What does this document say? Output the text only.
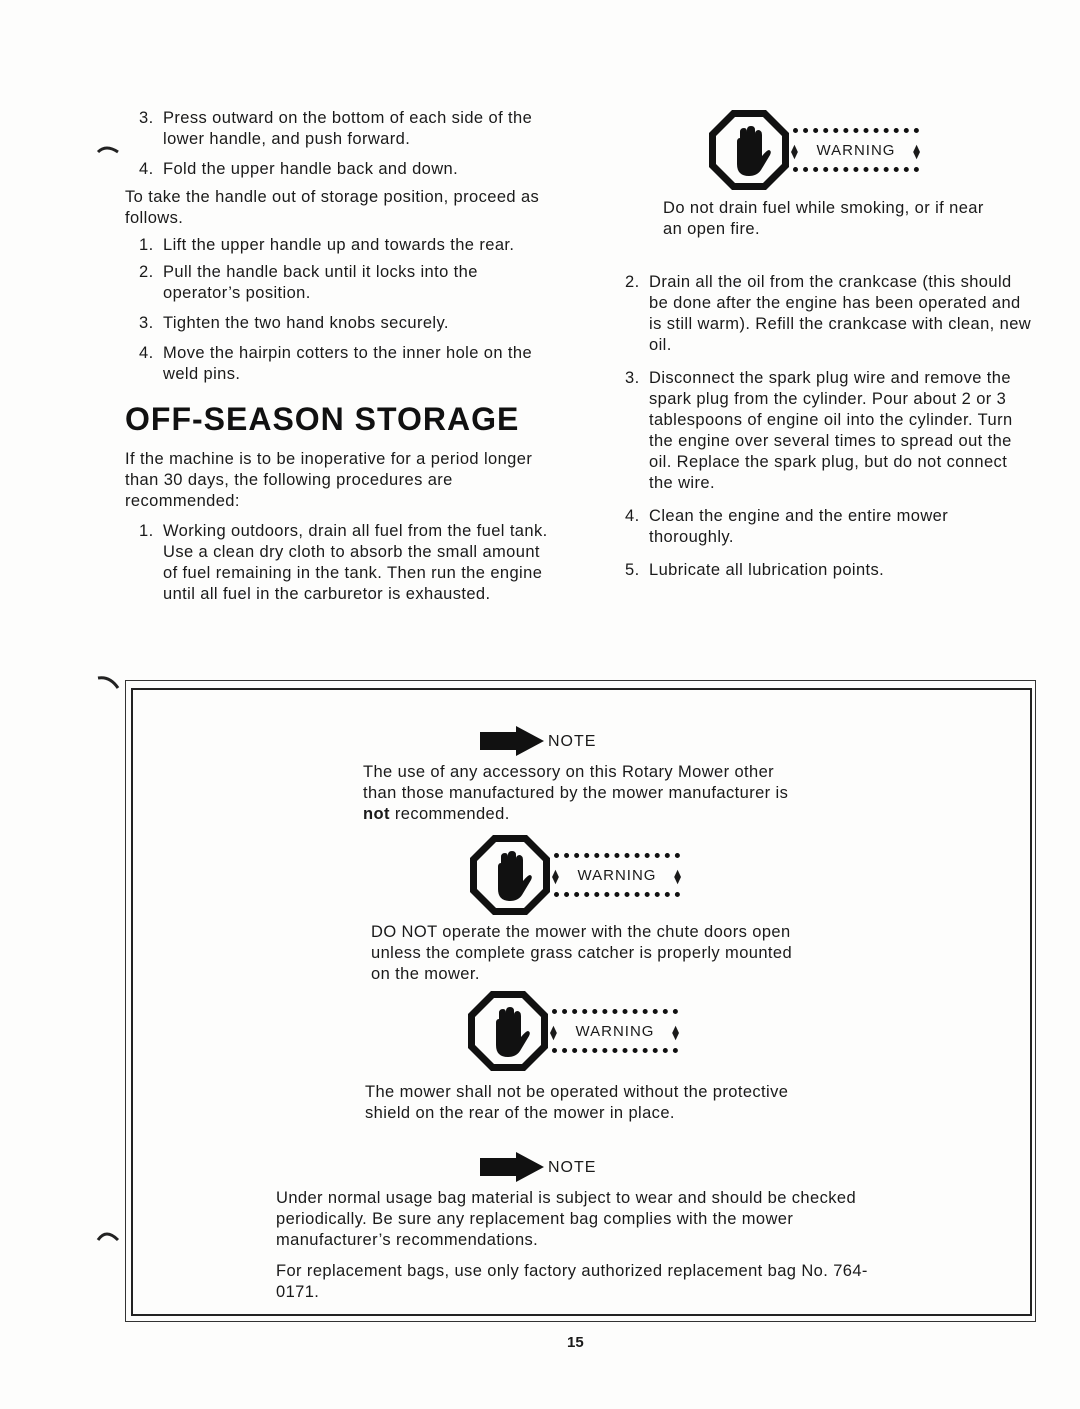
3. Press outward on the bottom of each side of the lower handle, and push forward.
4. Fold the upper handle back and down.

To take the handle out of storage position, proceed as follows.

1. Lift the upper handle up and towards the rear.
2. Pull the handle back until it locks into the operator’s position.
3. Tighten the two hand knobs securely.
4. Move the hairpin cotters to the inner hole on the weld pins.
OFF-SEASON STORAGE

If the machine is to be inoperative for a period longer than 30 days, the following procedures are recommended:

1. Working outdoors, drain all fuel from the fuel tank. Use a clean dry cloth to absorb the small amount of fuel remaining in the tank. Then run the engine until all fuel in the carburetor is exhausted.
⧫ WARNING
⧫

Do not drain fuel while smoking, or if near an open fire.

2. Drain all the oil from the crankcase (this should be done after the engine has been operated and is still warm). Refill the crankcase with clean, new oil.
3. Disconnect the spark plug wire and remove the spark plug from the cylinder. Pour about 2 or 3 tablespoons of engine oil into the cylinder. Turn the engine over several times to spread out the oil. Replace the spark plug, but do not connect the wire.
4. Clean the engine and the entire mower thoroughly.
5. Lubricate all lubrication points.
NOTE

The use of any accessory on this Rotary Mower other than those manufactured by the mower manufacturer is not recommended.

⧫ WARNING
⧫

DO NOT operate the mower with the chute doors open unless the complete grass catcher is properly mounted on the mower.

⧫ WARNING
⧫

The mower shall not be operated without the protective shield on the rear of the mower in place.

NOTE

Under normal usage bag material is subject to wear and should be checked periodically. Be sure any replacement bag complies with the mower manufacturer’s recommendations.

For replacement bags, use only factory authorized replacement bag No. 764-0171.

15
